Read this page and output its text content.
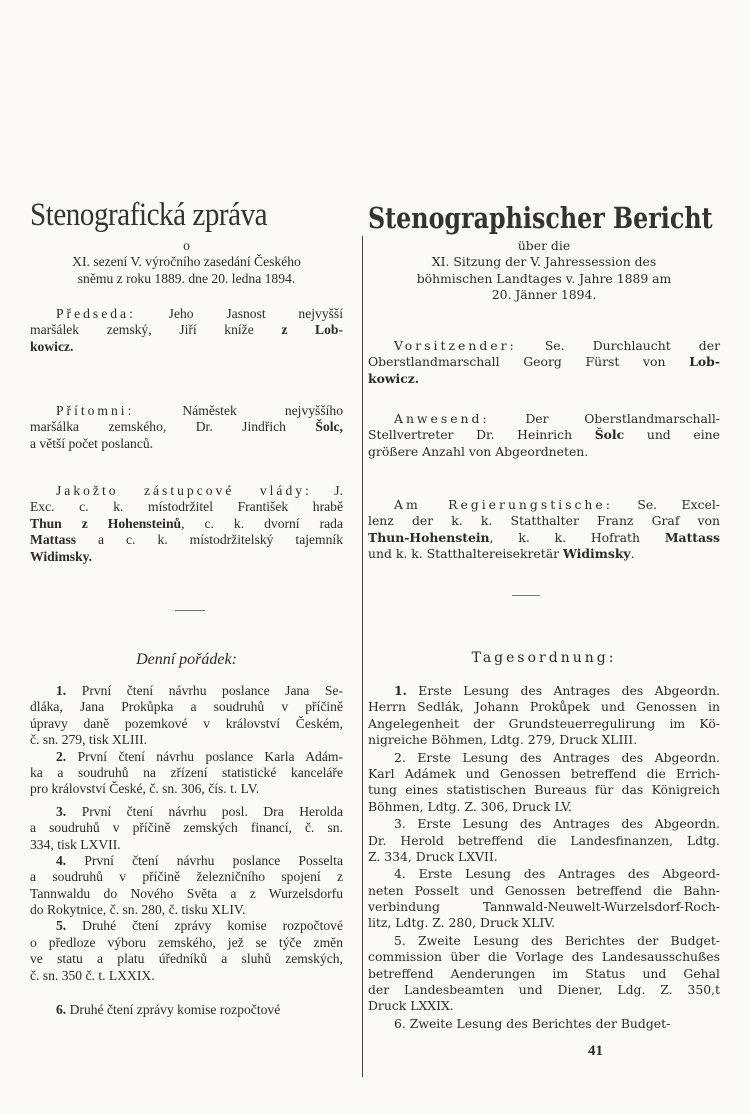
Stenografická zpráva	Stenographischer Bericht
o
XI. sezení V. výročního zasedání Českého
sněmu z roku 1889. dne 20. ledna 1894.
Předseda: Jeho Jasnost nejvyšší
maršálek zemský, Jiří kníže z Lob-
kowicz.
Přítomni: Náměstek nejvyššího
maršálka zemského, Dr. Jindřich Šolc,
a větší počet poslanců.
Jakožto zástupcové vlády: J.
Exc. c. k. místodržitel František hrabě
Thun z Hohensteinů, c. k. dvorní rada
Mattass a c. k. místodržitelský tajemník
Widimsky.
Denní pořádek:
1. První čtení návrhu poslance Jana Se-
dláka, Jana Prokůpka a soudruhů v příčině
úpravy daně pozemkové v království Českém,
č. sn. 279, tisk XLIII.
2. První čtení návrhu poslance Karla Adám-
ka a soudruhů na zřízení statistické kanceláře
pro království České, č. sn. 306, čís. t. LV.
3. První čtení návrhu posl. Dra Herolda
a soudruhů v příčině zemských financí, č. sn.
334, tisk LXVII.
4. První čtení návrhu poslance Posselta
a soudruhů v příčině železničního spojení z
Tannwaldu do Nového Světa a z Wurzelsdorfu
do Rokytnice, č. sn. 280, č. tisku XLIV.
5. Druhé čtení zprávy komise rozpočtové
o předloze výboru zemského, jež se týče změn
ve statu a platu úředníků a sluhů zemských,
č. sn. 350 č. t. LXXIX.
6. Druhé čtení zprávy komise rozpočtové
über die
XI. Sitzung der V. Jahressession des
böhmischen Landtages v. Jahre 1889 am
20. Jänner 1894.
Vorsitzender: Se. Durchlaucht der
Oberstlandmarschall Georg Fürst von Lob-
kowicz.
Anwesend: Der Oberstlandmarschall-
Stellvertreter Dr. Heinrich Šolc und eine
größere Anzahl von Abgeordneten.
Am Regierungstische: Se. Excel-
lenz der k. k. Statthalter Franz Graf von
Thun-Hohenstein, k. k. Hofrath Mattass
und k. k. Statthaltereisekretär Widimsky.
Tagesordnung:
1. Erste Lesung des Antrages des Abgeordn.
Herrn Sedlák, Johann Prokůpek und Genossen in
Angelegenheit der Grundsteuerregulirung im Kö-
nigreiche Böhmen, Ldtg. 279, Druck XLIII.
2. Erste Lesung des Antrages des Abgeordn.
Karl Adámek und Genossen betreffend die Errich-
tung eines statistischen Bureaus für das Königreich
Böhmen, Ldtg. Z. 306, Druck LV.
3. Erste Lesung des Antrages des Abgeordn.
Dr. Herold betreffend die Landesfinanzen, Ldtg.
Z. 334, Druck LXVII.
4. Erste Lesung des Antrages des Abgeord-
neten Posselt und Genossen betreffend die Bahn-
verbindung Tannwald-Neuwelt-Wurzelsdorf-Roch-
litz, Ldtg. Z. 280, Druck XLIV.
5. Zweite Lesung des Berichtes der Budget-
commission über die Vorlage des Landesausschußes
betreffend Aenderungen im Status und Gehal
der Landesbeamten und Diener, Ldg. Z. 350,t
Druck LXXIX.
6. Zweite Lesung des Berichtes der Budget-
41
